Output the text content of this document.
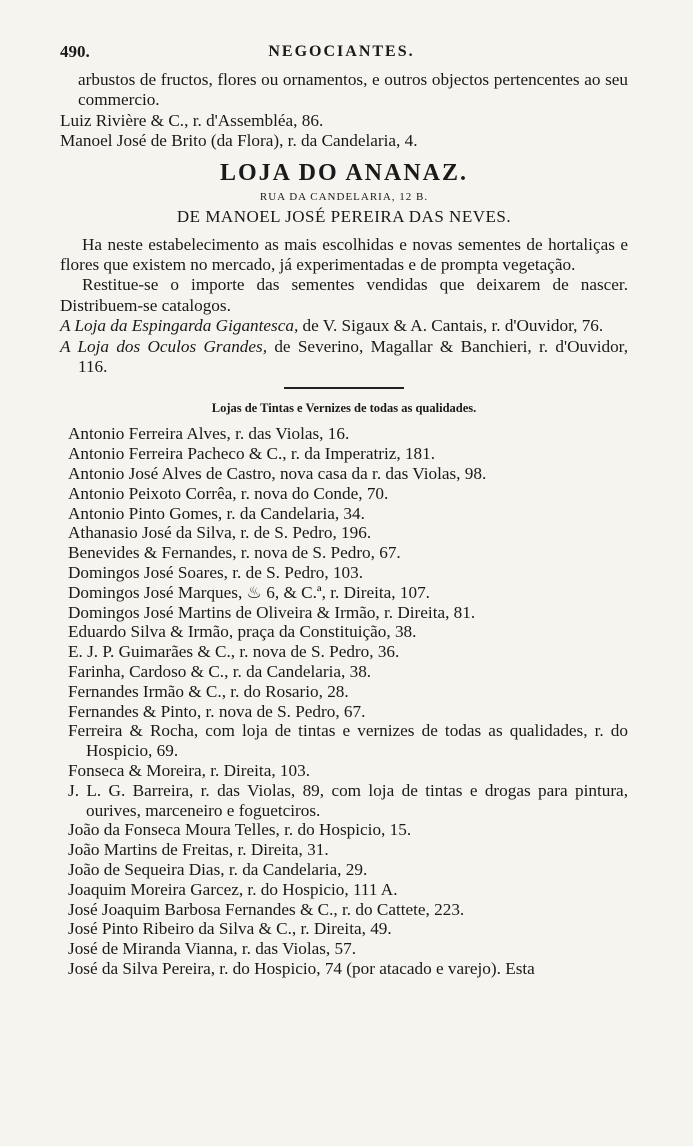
490.	NEGOCIANTES.

arbustos de fructos, flores ou ornamentos, e outros objectos pertencentes ao seu commercio.

Luiz Rivière & C., r. d'Assembléa, 86.

Manoel José de Brito (da Flora), r. da Candelaria, 4.

LOJA DO ANANAZ.
RUA DA CANDELARIA, 12 B.
DE MANOEL JOSÉ PEREIRA DAS NEVES.

Ha neste estabelecimento as mais escolhidas e novas sementes de hortaliças e flores que existem no mercado, já experimentadas e de prompta vegetação.

Restitue-se o importe das sementes vendidas que deixarem de nascer. Distribuem-se catalogos.

A Loja da Espingarda Gigantesca, de V. Sigaux & A. Cantais, r. d'Ouvidor, 76.

A Loja dos Oculos Grandes, de Severino, Magallar & Banchieri, r. d'Ouvidor, 116.

Lojas de Tintas e Vernizes de todas as qualidades.

Antonio Ferreira Alves, r. das Violas, 16.

Antonio Ferreira Pacheco & C., r. da Imperatriz, 181.

Antonio José Alves de Castro, nova casa da r. das Violas, 98.

Antonio Peixoto Corrêa, r. nova do Conde, 70.

Antonio Pinto Gomes, r. da Candelaria, 34.

Athanasio José da Silva, r. de S. Pedro, 196.

Benevides & Fernandes, r. nova de S. Pedro, 67.

Domingos José Soares, r. de S. Pedro, 103.

Domingos José Marques, ♨ 6, & C.ª, r. Direita, 107.

Domingos José Martins de Oliveira & Irmão, r. Direita, 81.

Eduardo Silva & Irmão, praça da Constituição, 38.

E. J. P. Guimarães & C., r. nova de S. Pedro, 36.

Farinha, Cardoso & C., r. da Candelaria, 38.

Fernandes Irmão & C., r. do Rosario, 28.

Fernandes & Pinto, r. nova de S. Pedro, 67.

Ferreira & Rocha, com loja de tintas e vernizes de todas as qualidades, r. do Hospicio, 69.

Fonseca & Moreira, r. Direita, 103.

J. L. G. Barreira, r. das Violas, 89, com loja de tintas e drogas para pintura, ourives, marceneiro e foguetciros.

João da Fonseca Moura Telles, r. do Hospicio, 15.

João Martins de Freitas, r. Direita, 31.

João de Sequeira Dias, r. da Candelaria, 29.

Joaquim Moreira Garcez, r. do Hospicio, 111 A.

José Joaquim Barbosa Fernandes & C., r. do Cattete, 223.

José Pinto Ribeiro da Silva & C., r. Direita, 49.

José de Miranda Vianna, r. das Violas, 57.

José da Silva Pereira, r. do Hospicio, 74 (por atacado e varejo). Esta
